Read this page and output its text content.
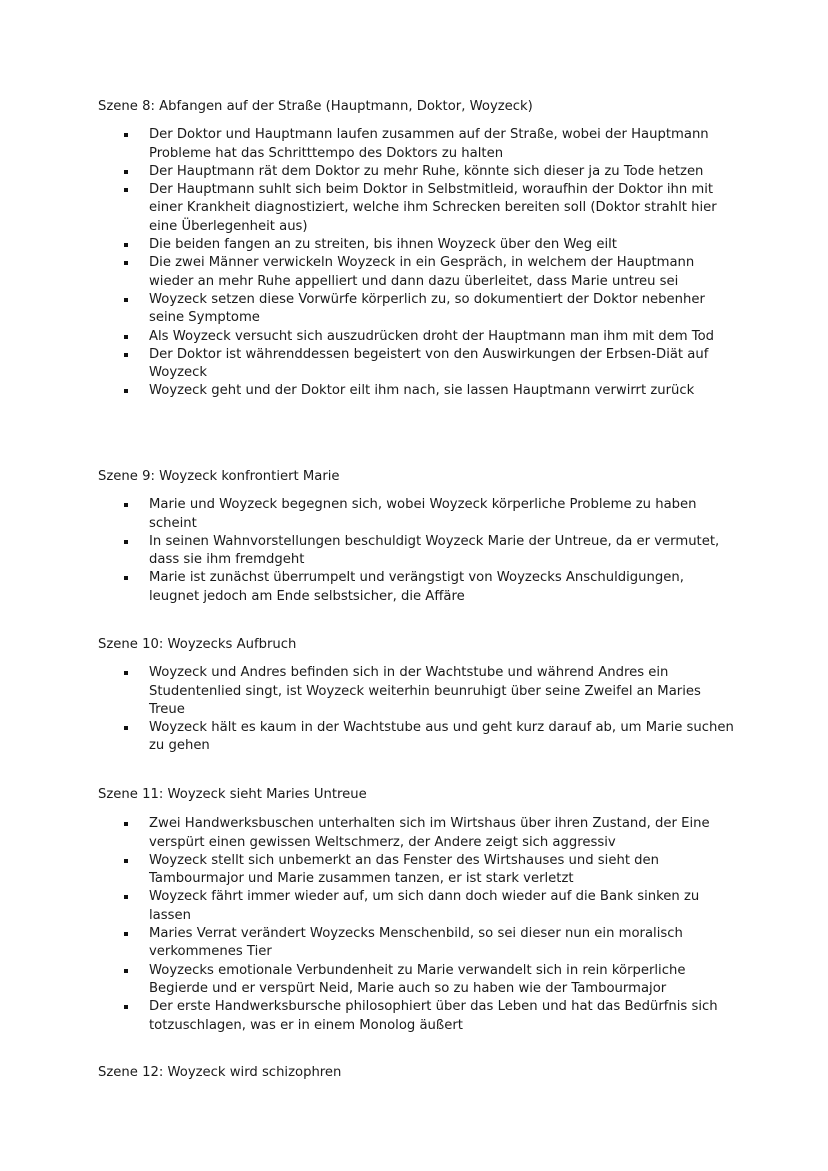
Szene 8: Abfangen auf der Straße (Hauptmann, Doktor, Woyzeck)
Der Doktor und Hauptmann laufen zusammen auf der Straße, wobei der Hauptmann Probleme hat das Schritttempo des Doktors zu halten
Der Hauptmann rät dem Doktor zu mehr Ruhe, könnte sich dieser ja zu Tode hetzen
Der Hauptmann suhlt sich beim Doktor in Selbstmitleid, woraufhin der Doktor ihn mit einer Krankheit diagnostiziert, welche ihm Schrecken bereiten soll (Doktor strahlt hier eine Überlegenheit aus)
Die beiden fangen an zu streiten, bis ihnen Woyzeck über den Weg eilt
Die zwei Männer verwickeln Woyzeck in ein Gespräch, in welchem der Hauptmann wieder an mehr Ruhe appelliert und dann dazu überleitet, dass Marie untreu sei
Woyzeck setzen diese Vorwürfe körperlich zu, so dokumentiert der Doktor nebenher seine Symptome
Als Woyzeck versucht sich auszudrücken droht der Hauptmann man ihm mit dem Tod
Der Doktor ist währenddessen begeistert von den Auswirkungen der Erbsen-Diät auf Woyzeck
Woyzeck geht und der Doktor eilt ihm nach, sie lassen Hauptmann verwirrt zurück
Szene 9: Woyzeck konfrontiert Marie
Marie und Woyzeck begegnen sich, wobei Woyzeck körperliche Probleme zu haben scheint
In seinen Wahnvorstellungen beschuldigt Woyzeck Marie der Untreue, da er vermutet, dass sie ihm fremdgeht
Marie ist zunächst überrumpelt und verängstigt von Woyzecks Anschuldigungen, leugnet jedoch am Ende selbstsicher, die Affäre
Szene 10: Woyzecks Aufbruch
Woyzeck und Andres befinden sich in der Wachtstube und während Andres ein Studentenlied singt, ist Woyzeck weiterhin beunruhigt über seine Zweifel an Maries Treue
Woyzeck hält es kaum in der Wachtstube aus und geht kurz darauf ab, um Marie suchen zu gehen
Szene 11: Woyzeck sieht Maries Untreue
Zwei Handwerksbuschen unterhalten sich im Wirtshaus über ihren Zustand, der Eine verspürt einen gewissen Weltschmerz, der Andere zeigt sich aggressiv
Woyzeck stellt sich unbemerkt an das Fenster des Wirtshauses und sieht den Tambourmajor und Marie zusammen tanzen, er ist stark verletzt
Woyzeck fährt immer wieder auf, um sich dann doch wieder auf die Bank sinken zu lassen
Maries Verrat verändert Woyzecks Menschenbild, so sei dieser nun ein moralisch verkommenes Tier
Woyzecks emotionale Verbundenheit zu Marie verwandelt sich in rein körperliche Begierde und er verspürt Neid, Marie auch so zu haben wie der Tambourmajor
Der erste Handwerksbursche philosophiert über das Leben und hat das Bedürfnis sich totzuschlagen, was er in einem Monolog äußert
Szene 12: Woyzeck wird schizophren
